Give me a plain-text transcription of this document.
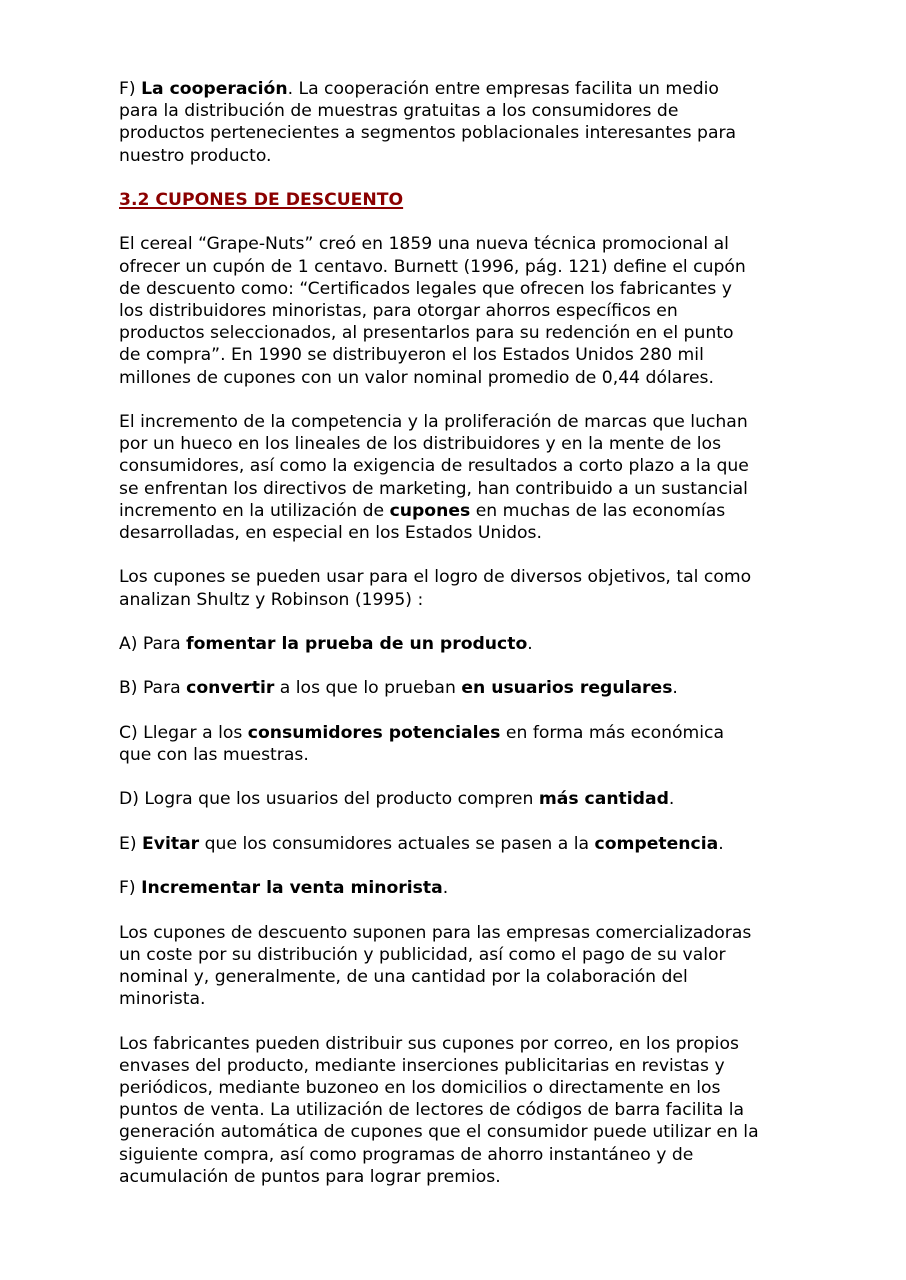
F) La cooperación. La cooperación entre empresas facilita un medio
para la distribución de muestras gratuitas a los consumidores de
productos pertenecientes a segmentos poblacionales interesantes para
nuestro producto.

3.2 CUPONES DE DESCUENTO

El cereal “Grape-Nuts” creó en 1859 una nueva técnica promocional al
ofrecer un cupón de 1 centavo. Burnett (1996, pág. 121) define el cupón
de descuento como: “Certificados legales que ofrecen los fabricantes y
los distribuidores minoristas, para otorgar ahorros específicos en
productos seleccionados, al presentarlos para su redención en el punto
de compra”. En 1990 se distribuyeron el los Estados Unidos 280 mil
millones de cupones con un valor nominal promedio de 0,44 dólares.

El incremento de la competencia y la proliferación de marcas que luchan
por un hueco en los lineales de los distribuidores y en la mente de los
consumidores, así como la exigencia de resultados a corto plazo a la que
se enfrentan los directivos de marketing, han contribuido a un sustancial
incremento en la utilización de cupones en muchas de las economías
desarrolladas, en especial en los Estados Unidos.

Los cupones se pueden usar para el logro de diversos objetivos, tal como
analizan Shultz y Robinson (1995) :

A) Para fomentar la prueba de un producto.

B) Para convertir a los que lo prueban en usuarios regulares.

C) Llegar a los consumidores potenciales en forma más económica
que con las muestras.

D) Logra que los usuarios del producto compren más cantidad.

E) Evitar que los consumidores actuales se pasen a la competencia.

F) Incrementar la venta minorista.

Los cupones de descuento suponen para las empresas comercializadoras
un coste por su distribución y publicidad, así como el pago de su valor
nominal y, generalmente, de una cantidad por la colaboración del
minorista.

Los fabricantes pueden distribuir sus cupones por correo, en los propios
envases del producto, mediante inserciones publicitarias en revistas y
periódicos, mediante buzoneo en los domicilios o directamente en los
puntos de venta. La utilización de lectores de códigos de barra facilita la
generación automática de cupones que el consumidor puede utilizar en la
siguiente compra, así como programas de ahorro instantáneo y de
acumulación de puntos para lograr premios.
